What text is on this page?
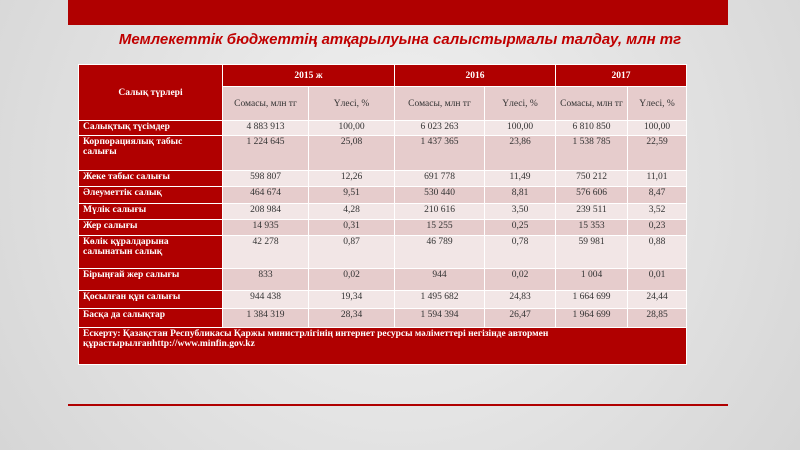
Мемлекеттік бюджеттің атқарылуына салыстырмалы талдау, млн тг
Салық түрлері	2015 ж		2016		2017	
	Сомасы, млн тг	Үлесі, %	Сомасы, млн тг	Үлесі, %	Сомасы, млн тг	Үлесі, %
Салықтық түсімдер	4 883 913	100,00	6 023 263	100,00	6 810 850	100,00
Корпорациялық табыс салығы	1 224 645	25,08	1 437 365	23,86	1 538 785	22,59
Жеке табыс салығы	598 807	12,26	691 778	11,49	750 212	11,01
Әлеуметтік салық	464 674	9,51	530 440	8,81	576 606	8,47
Мүлік салығы	208 984	4,28	210 616	3,50	239 511	3,52
Жер салығы	14 935	0,31	15 255	0,25	15 353	0,23
Көлік құралдарына салынатын салық	42 278	0,87	46 789	0,78	59 981	0,88
Бірыңғай жер салығы	833	0,02	944	0,02	1 004	0,01
Қосылған құн салығы	944 438	19,34	1 495 682	24,83	1 664 699	24,44
Басқа да салықтар	1 384 319	28,34	1 594 394	26,47	1 964 699	28,85
Ескерту: Қазақстан Республикасы Қаржы министрлігінің интернет ресурсы мәліметтері негізінде автормен құрастырылғанhttp://www.minfin.gov.kz						
